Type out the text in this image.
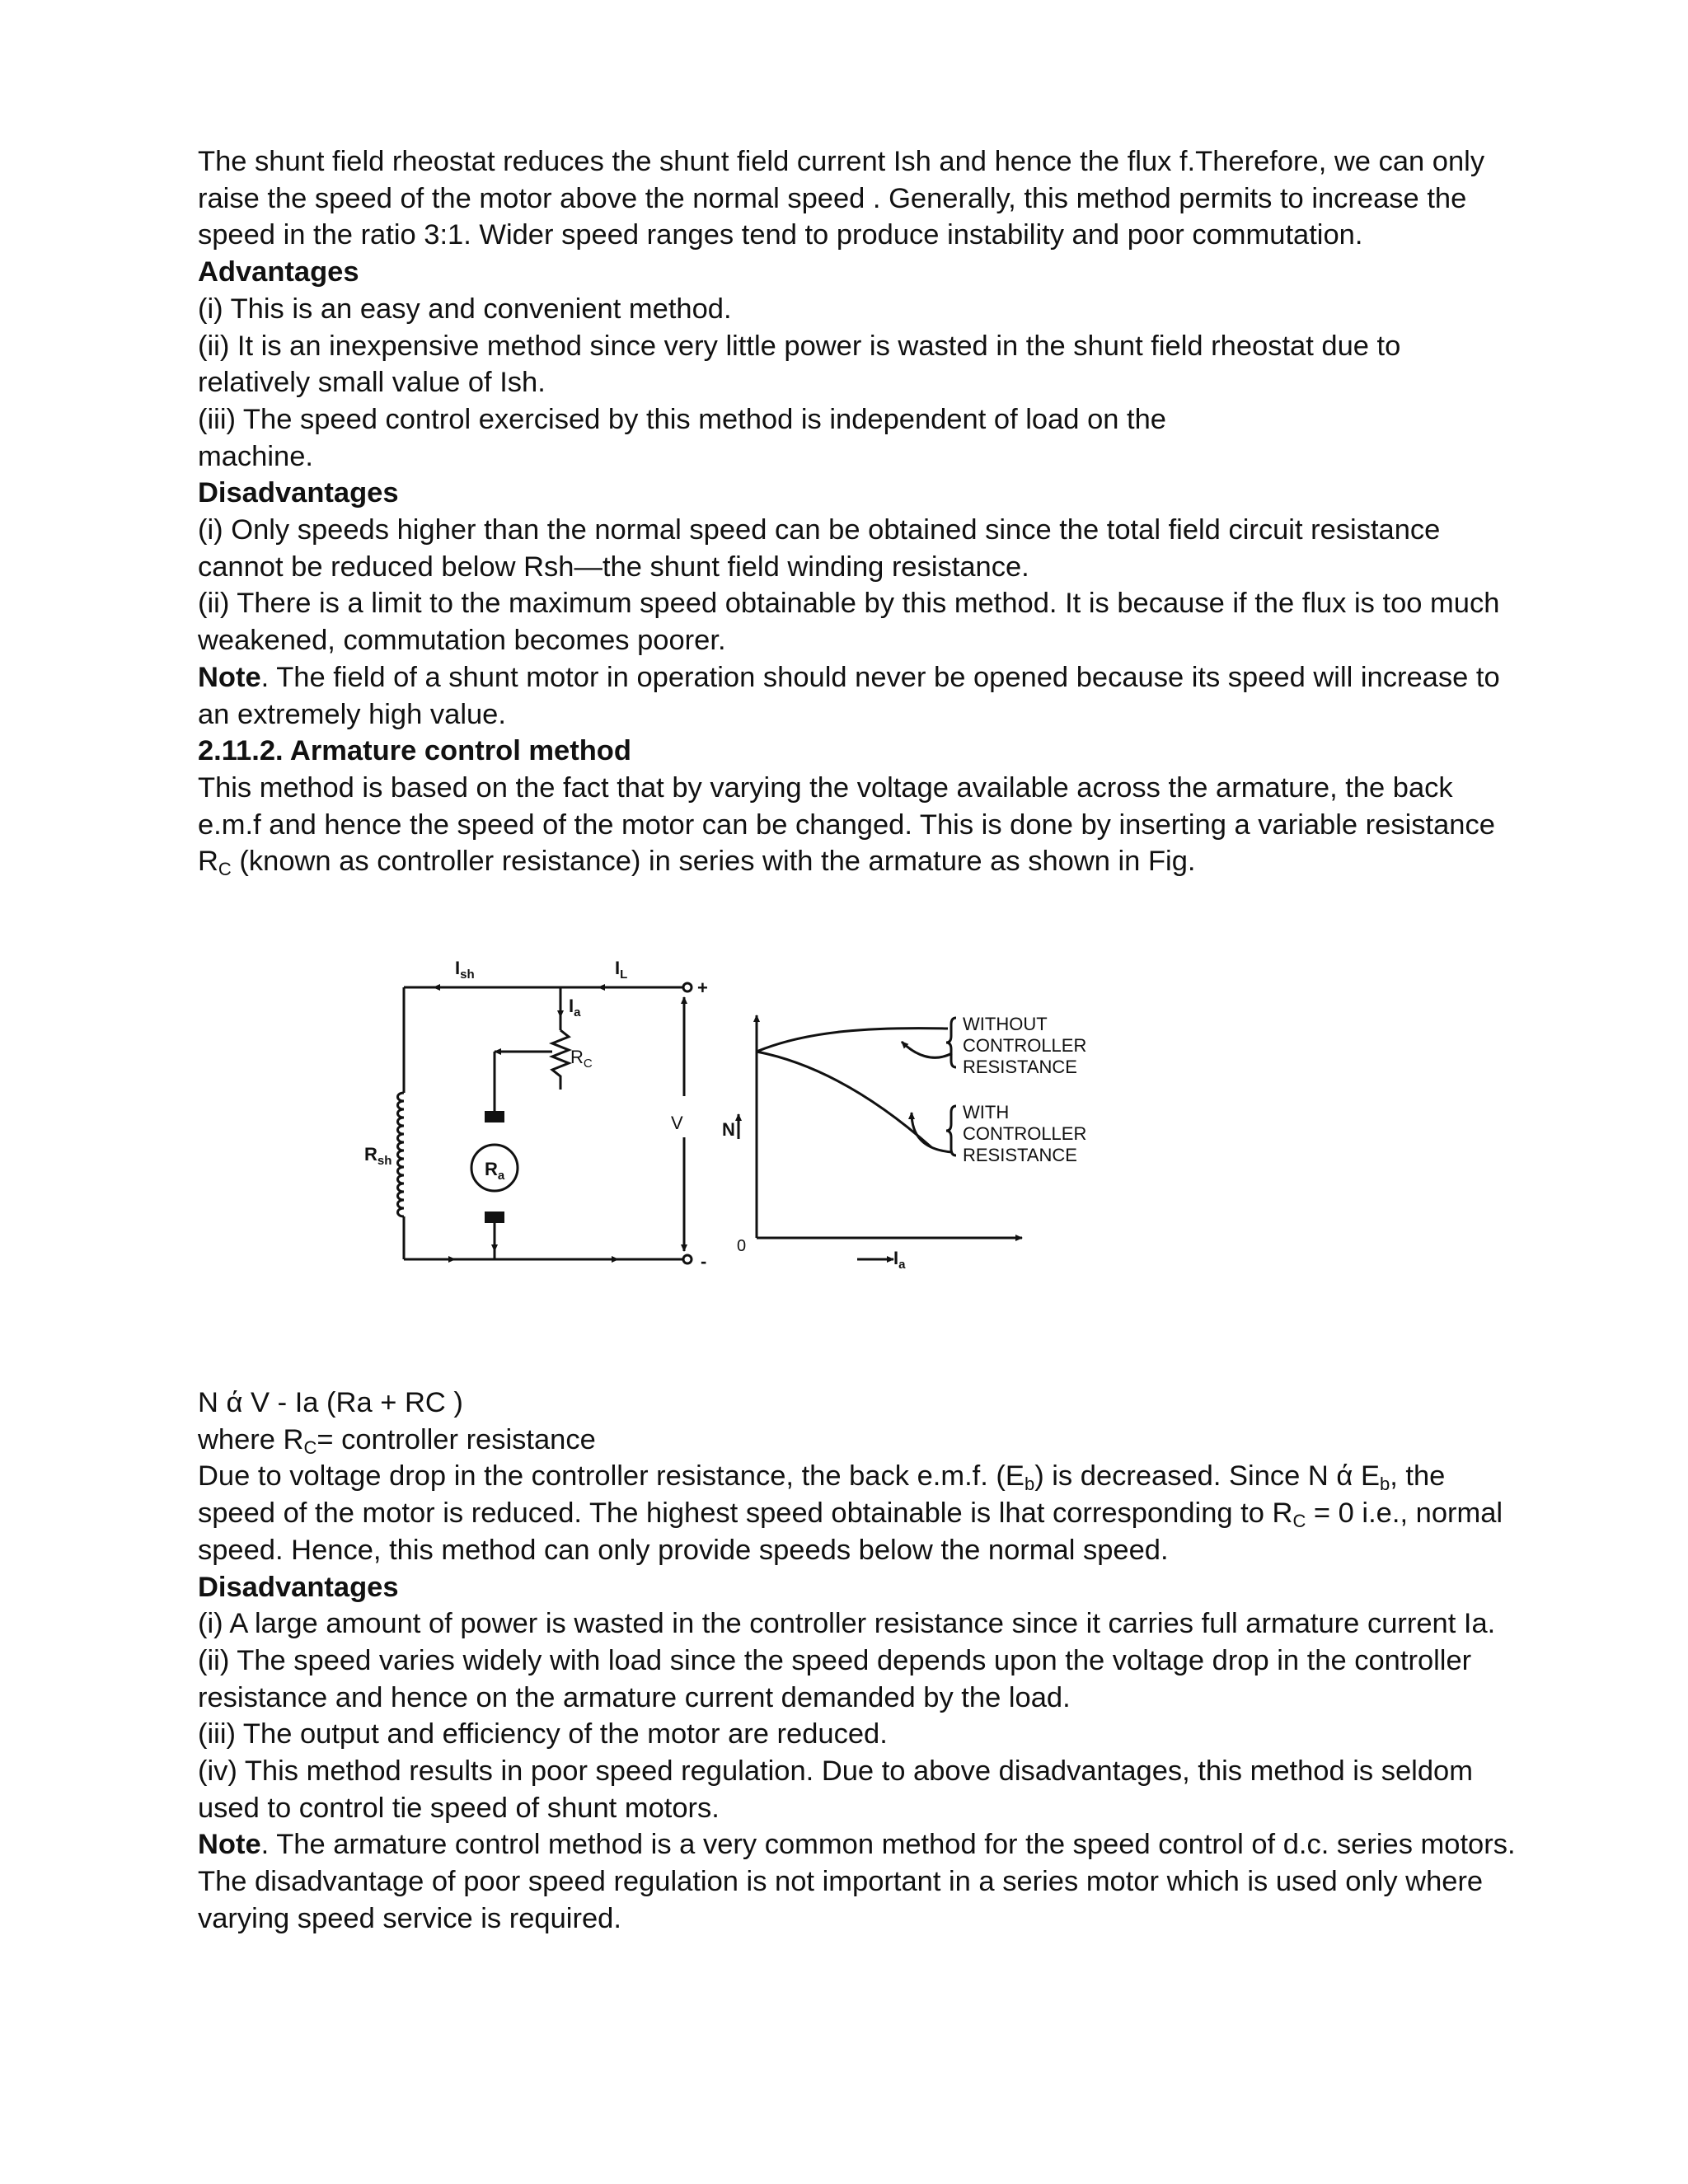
The shunt field rheostat reduces the shunt field current Ish and hence the flux f.Therefore, we can only raise the speed of the motor above the normal speed . Generally, this method permits to increase the speed in the ratio 3:1. Wider speed ranges tend to produce instability and poor commutation.

Advantages

(i) This is an easy and convenient method.

(ii) It is an inexpensive method since very little power is wasted in the shunt field rheostat due to relatively small value of Ish.

(iii) The speed control exercised by this method is independent of load on the

machine.

Disadvantages

(i) Only speeds higher than the normal speed can be obtained since the total field circuit resistance cannot be reduced below Rsh—the shunt field winding resistance.

(ii) There is a limit to the maximum speed obtainable by this method. It is because if the flux is too much weakened, commutation becomes poorer.

Note. The field of a shunt motor in operation should never be opened because its speed will increase to an extremely high value.

2.11.2. Armature control method

This method is based on the fact that by varying the voltage available across the armature, the back e.m.f and hence the speed of the motor can be changed. This is done by inserting a variable resistance $R_C$ (known as controller resistance) in series with the armature as shown in Fig.

$I_{sh}$	$I_L$
$I_a$
$R_C$
$R_{sh}$	$R_a$
V
+
-
N
0
$I_a$
WITHOUT CONTROLLER RESISTANCE
WITH CONTROLLER RESISTANCE

N ά V - Ia (Ra + RC )

where $R_C=$ controller resistance

Due to voltage drop in the controller resistance, the back e.m.f. $(E_b)$ is decreased. Since N ά $E_b$, the speed of the motor is reduced. The highest speed obtainable is lhat corresponding to $R_C = 0$ i.e., normal speed. Hence, this method can only provide speeds below the normal speed.

Disadvantages

(i) A large amount of power is wasted in the controller resistance since it carries full armature current Ia.

(ii) The speed varies widely with load since the speed depends upon the voltage drop in the controller resistance and hence on the armature current demanded by the load.

(iii) The output and efficiency of the motor are reduced.

(iv) This method results in poor speed regulation. Due to above disadvantages, this method is seldom used to control tie speed of shunt motors.

Note. The armature control method is a very common method for the speed control of d.c. series motors. The disadvantage of poor speed regulation is not important in a series motor which is used only where varying speed service is required.
